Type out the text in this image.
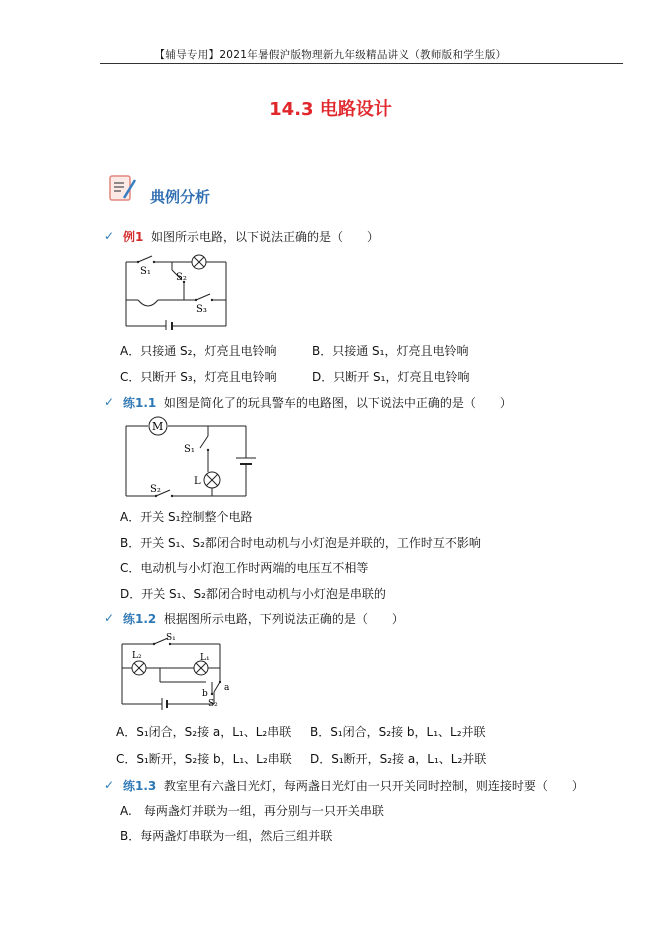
【辅导专用】2021年暑假沪版物理新九年级精品讲义（教师版和学生版）
14.3 电路设计
典例分析
✓ 例1 如图所示电路，以下说法正确的是（　　）
S₁
S₂
S₃
A．只接通 S₂，灯亮且电铃响	B．只接通 S₁，灯亮且电铃响
C．只断开 S₃，灯亮且电铃响	D．只断开 S₁，灯亮且电铃响
✓ 练1.1 如图是简化了的玩具警车的电路图，以下说法中正确的是（　　）
M
S₁
L
S₂
A．开关 S₁控制整个电路
B．开关 S₁、S₂都闭合时电动机与小灯泡是并联的，工作时互不影响
C．电动机与小灯泡工作时两端的电压互不相等
D．开关 S₁、S₂都闭合时电动机与小灯泡是串联的
✓ 练1.2 根据图所示电路，下列说法正确的是（　　）
S₁
L₂	L₁
a
b
S₂
A．S₁闭合，S₂接 a，L₁、L₂串联 B．S₁闭合，S₂接 b，L₁、L₂并联
C．S₁断开，S₂接 b，L₁、L₂串联 D．S₁断开，S₂接 a，L₁、L₂并联
✓ 练1.3 教室里有六盏日光灯，每两盏日光灯由一只开关同时控制，则连接时要（　　）
A.　每两盏灯并联为一组，再分别与一只开关串联
B．每两盏灯串联为一组，然后三组并联
